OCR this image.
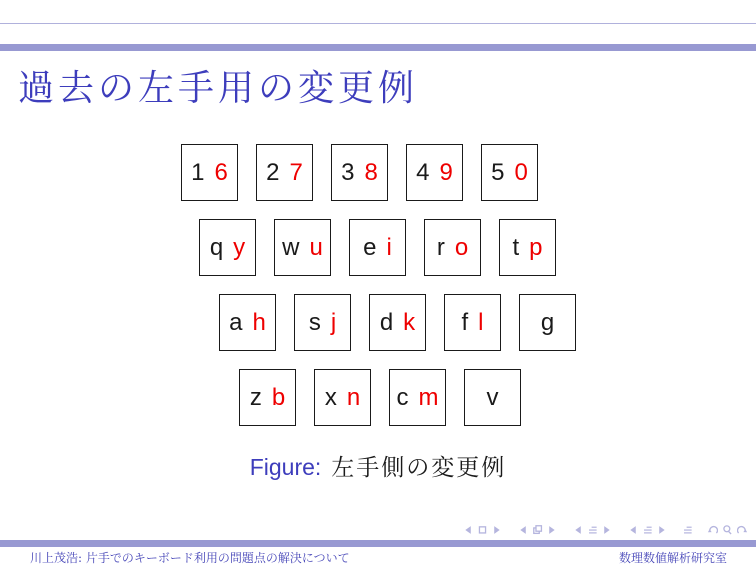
過去の左手用の変更例
1 6 2 7 3 8 4 9 5 0
q y w u e i r o t p
a h s j d k f l g
z b x n c m v
Figure: 左手側の変更例
川上茂浩: 片手でのキーボード利用の問題点の解決について	数理数値解析研究室
